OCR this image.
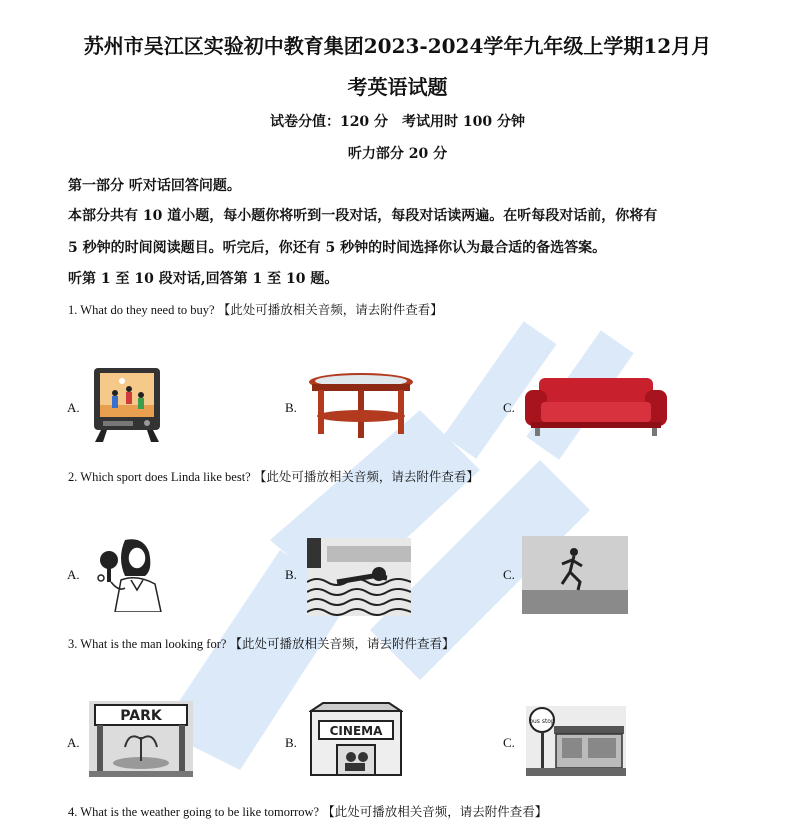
苏州市吴江区实验初中教育集团2023-2024学年九年级上学期12月月
考英语试题
试卷分值：120 分　考试用时 100 分钟
听力部分 20 分
第一部分 听对话回答问题。
本部分共有 10 道小题，每小题你将听到一段对话，每段对话读两遍。在听每段对话前，你将有
5 秒钟的时间阅读题目。听完后，你还有 5 秒钟的时间选择你认为最合适的备选答案。
听第 1 至 10 段对话,回答第 1 至 10 题。
1. What do they need to buy? 【此处可播放相关音频，请去附件查看】
A.	B.	C.
2. Which sport does Linda like best? 【此处可播放相关音频，请去附件查看】
A.	B.	C.
3. What is the man looking for? 【此处可播放相关音频，请去附件查看】
A.	B.	C.
PARK
CINEMA
bus stop
4. What is the weather going to be like tomorrow? 【此处可播放相关音频，请去附件查看】
